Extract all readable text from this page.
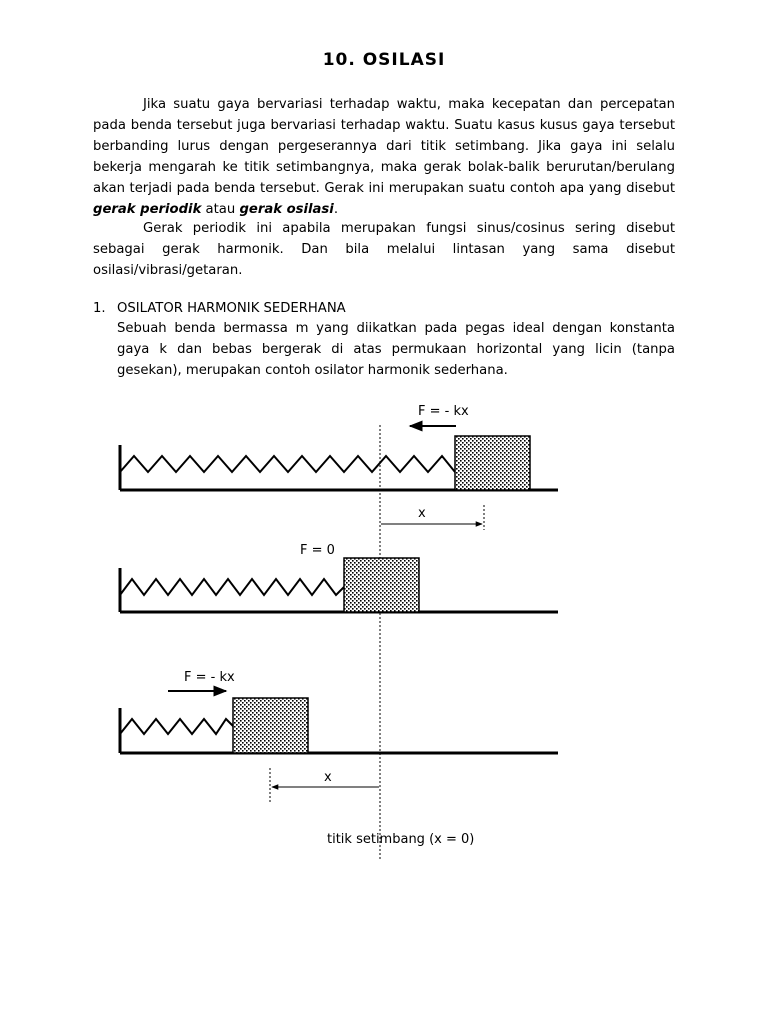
10. OSILASI

Jika suatu gaya bervariasi terhadap waktu, maka kecepatan dan percepatan pada benda tersebut juga bervariasi terhadap waktu. Suatu kasus kusus gaya tersebut berbanding lurus dengan pergeserannya dari titik setimbang. Jika gaya ini selalu bekerja mengarah ke titik setimbangnya, maka gerak bolak-balik berurutan/berulang akan terjadi pada benda tersebut. Gerak ini merupakan suatu contoh apa yang disebut gerak periodik atau gerak osilasi.

Gerak periodik ini apabila merupakan fungsi sinus/cosinus sering disebut sebagai gerak harmonik. Dan bila melalui lintasan yang sama disebut osilasi/vibrasi/getaran.

1. OSILATOR HARMONIK SEDERHANA

Sebuah benda bermassa m yang diikatkan pada pegas ideal dengan konstanta gaya k dan bebas bergerak di atas permukaan horizontal yang licin (tanpa gesekan), merupakan contoh osilator harmonik sederhana.

F = - kx
x
F = 0
F = - kx
x
titik setimbang (x = 0)
